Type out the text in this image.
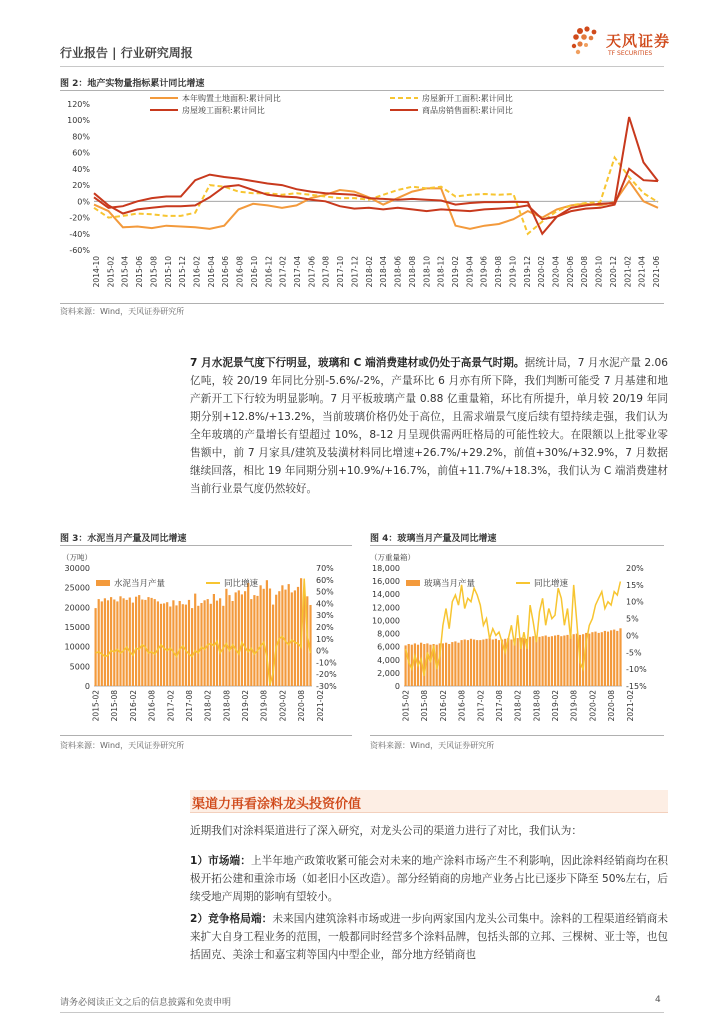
行业报告 | 行业研究周报
天风证券
TF SECURITIES
图 2：地产实物量指标累计同比增速
120%
100%
80%
60%
40%
20%
0%
-20%
-40%
-60%
2014-10 2015-02 2015-04 2015-06 2015-08 2015-10 2015-12 2016-02 2016-04 2016-06 2016-08 2016-10 2016-12 2017-02 2017-04 2017-06 2017-08 2017-10 2017-12 2018-02 2018-04 2018-06 2018-08 2018-10 2018-12 2019-02 2019-04 2019-06 2019-08 2019-10 2019-12 2020-02 2020-04 2020-06 2020-08 2020-10 2020-12 2021-02 2021-04 2021-06
本年购置土地面积:累计同比	房屋新开工面积:累计同比
房屋竣工面积:累计同比	商品房销售面积:累计同比
资料来源：Wind，天风证券研究所
7 月水泥景气度下行明显，玻璃和 C 端消费建材或仍处于高景气时期。据统计局，7 月水泥产量 2.06 亿吨，较 20/19 年同比分别-5.6%/-2%，产量环比 6 月亦有所下降，我们判断可能受 7 月基建和地产新开工下行较为明显影响。7 月平板玻璃产量 0.88 亿重量箱，环比有所提升，单月较 20/19 年同期分别+12.8%/+13.2%，当前玻璃价格仍处于高位，且需求端景气度后续有望持续走强，我们认为全年玻璃的产量增长有望超过 10%，8-12 月呈现供需两旺格局的可能性较大。在限额以上批零业零售额中，前 7 月家具/建筑及装潢材料同比增速+26.7%/+29.2%，前值+30%/+32.9%，7 月数据继续回落，相比 19 年同期分别+10.9%/+16.7%，前值+11.7%/+18.3%，我们认为 C 端消费建材当前行业景气度仍然较好。
图 3：水泥当月产量及同比增速
（万吨）
30000
25000
20000
15000
10000
5000
0
70%
60%
50%
40%
30%
20%
10%
0%
-10%
-20%
-30%
2015-02 2015-08 2016-02 2016-08 2017-02 2017-08 2018-02 2018-08 2019-02 2019-08 2020-02 2020-08 2021-02
水泥当月产量	同比增速
资料来源：Wind，天风证券研究所
图 4：玻璃当月产量及同比增速
（万重量箱）
18,000
16,000
14,000
12,000
10,000
8,000
6,000
4,000
2,000
0
20%
15%
10%
5%
0%
-5%
-10%
-15%
2015-02 2015-08 2016-02 2016-08 2017-02 2017-08 2018-02 2018-08 2019-02 2019-08 2020-02 2020-08 2021-02
玻璃当月产量	同比增速
资料来源：Wind，天风证券研究所
渠道力再看涂料龙头投资价值
近期我们对涂料渠道进行了深入研究，对龙头公司的渠道力进行了对比，我们认为：
1）市场端：上半年地产政策收紧可能会对未来的地产涂料市场产生不利影响，因此涂料经销商均在积极开拓公建和重涂市场（如老旧小区改造）。部分经销商的房地产业务占比已逐步下降至 50%左右，后续受地产周期的影响有望较小。
2）竞争格局端：未来国内建筑涂料市场或进一步向两家国内龙头公司集中。涂料的工程渠道经销商未来扩大自身工程业务的范围，一般都同时经营多个涂料品牌，包括头部的立邦、三棵树、亚士等，也包括固克、美涂士和嘉宝莉等国内中型企业，部分地方经销商也
请务必阅读正文之后的信息披露和免责申明	4
